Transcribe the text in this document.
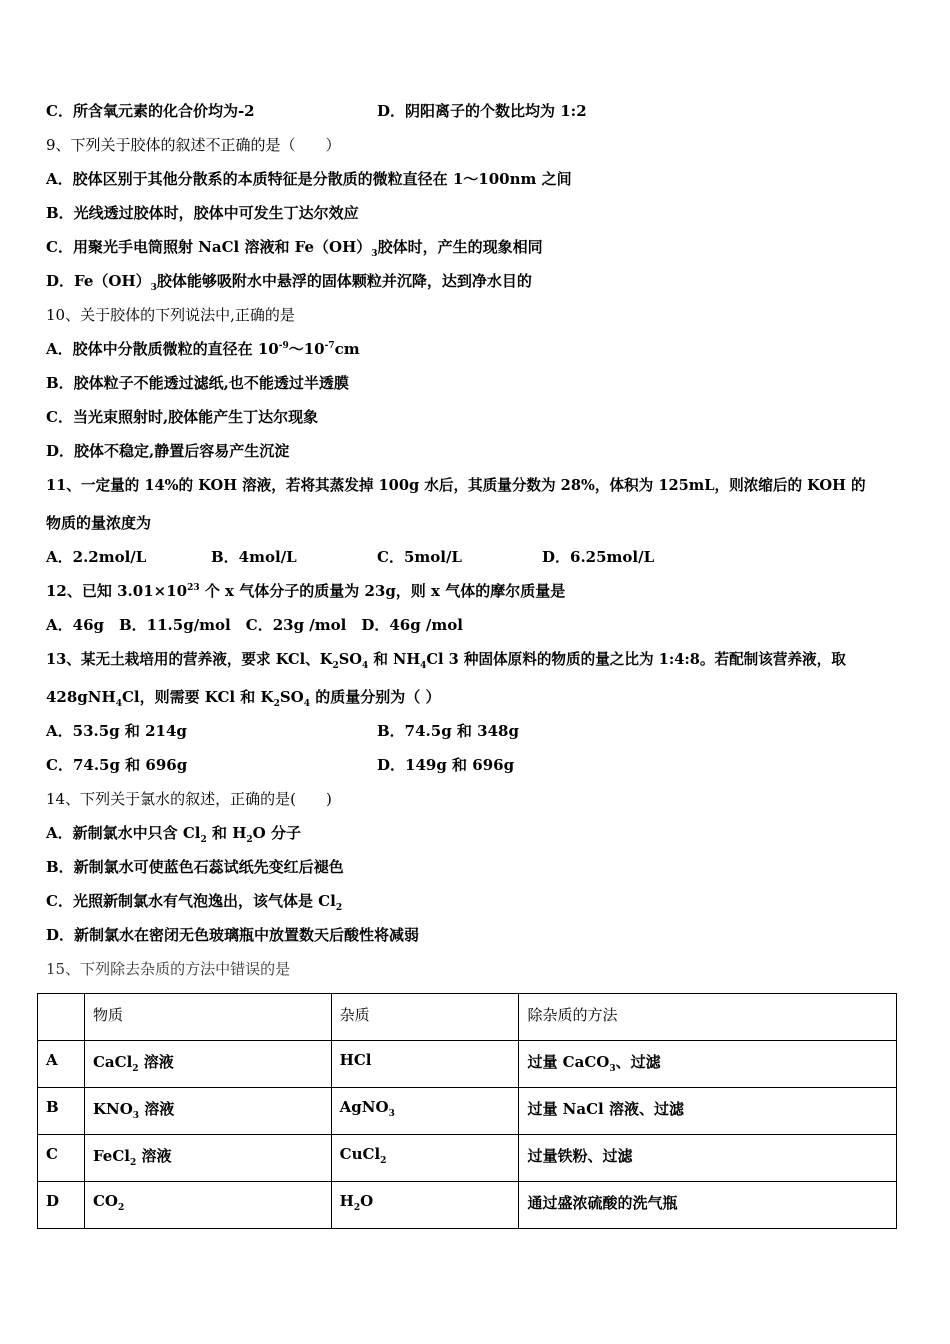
C．所含氧元素的化合价均为-2	D．阴阳离子的个数比均为 1:2
9、下列关于胶体的叙述不正确的是（　　）
A．胶体区别于其他分散系的本质特征是分散质的微粒直径在 1～100nm 之间
B．光线透过胶体时，胶体中可发生丁达尔效应
C．用聚光手电筒照射 NaCl 溶液和 $Fe(OH)_3$胶体时，产生的现象相同
D．$Fe(OH)_3$胶体能够吸附水中悬浮的固体颗粒并沉降，达到净水目的
10、关于胶体的下列说法中,正确的是
A．胶体中分散质微粒的直径在 $10^{-9}\sim 10^{-7}cm$
B．胶体粒子不能透过滤纸,也不能透过半透膜
C．当光束照射时,胶体能产生丁达尔现象
D．胶体不稳定,静置后容易产生沉淀
11、一定量的 14%的 KOH 溶液，若将其蒸发掉 100g 水后，其质量分数为 28%，体积为 125mL，则浓缩后的 KOH 的
物质的量浓度为
A．2.2mol/L	B．4mol/L	C．5mol/L	D．6.25mol/L
12、已知 $3.01\times 10^{23}$ 个 x 气体分子的质量为 23g，则 x 气体的摩尔质量是
A．46g　B．11.5g/mol　C．23g /mol　D．46g /mol
13、某无土栽培用的营养液，要求 KCl、$K_2SO_4$ 和 $NH_4Cl$ 3 种固体原料的物质的量之比为 1:4:8。若配制该营养液，取
428gNH$_4$Cl，则需要 KCl 和 $K_2SO_4$ 的质量分别为（ ）
A．53.5g 和 214g	B．74.5g 和 348g
C．74.5g 和 696g	D．149g 和 696g
14、下列关于氯水的叙述，正确的是(　　)
A．新制氯水中只含 $Cl_2$ 和 $H_2O$ 分子
B．新制氯水可使蓝色石蕊试纸先变红后褪色
C．光照新制氯水有气泡逸出，该气体是 $Cl_2$
D．新制氯水在密闭无色玻璃瓶中放置数天后酸性将减弱
15、下列除去杂质的方法中错误的是
	物质	杂质	除杂质的方法
A	CaCl$_2$ 溶液	HCl	过量 CaCO$_3$、过滤
B	$KNO_3$ 溶液	AgNO$_3$	过量 NaCl 溶液、过滤
C	FeCl$_2$ 溶液	CuCl$_2$	过量铁粉、过滤
D	$CO_2$	$H_2O$	通过盛浓硫酸的洗气瓶
